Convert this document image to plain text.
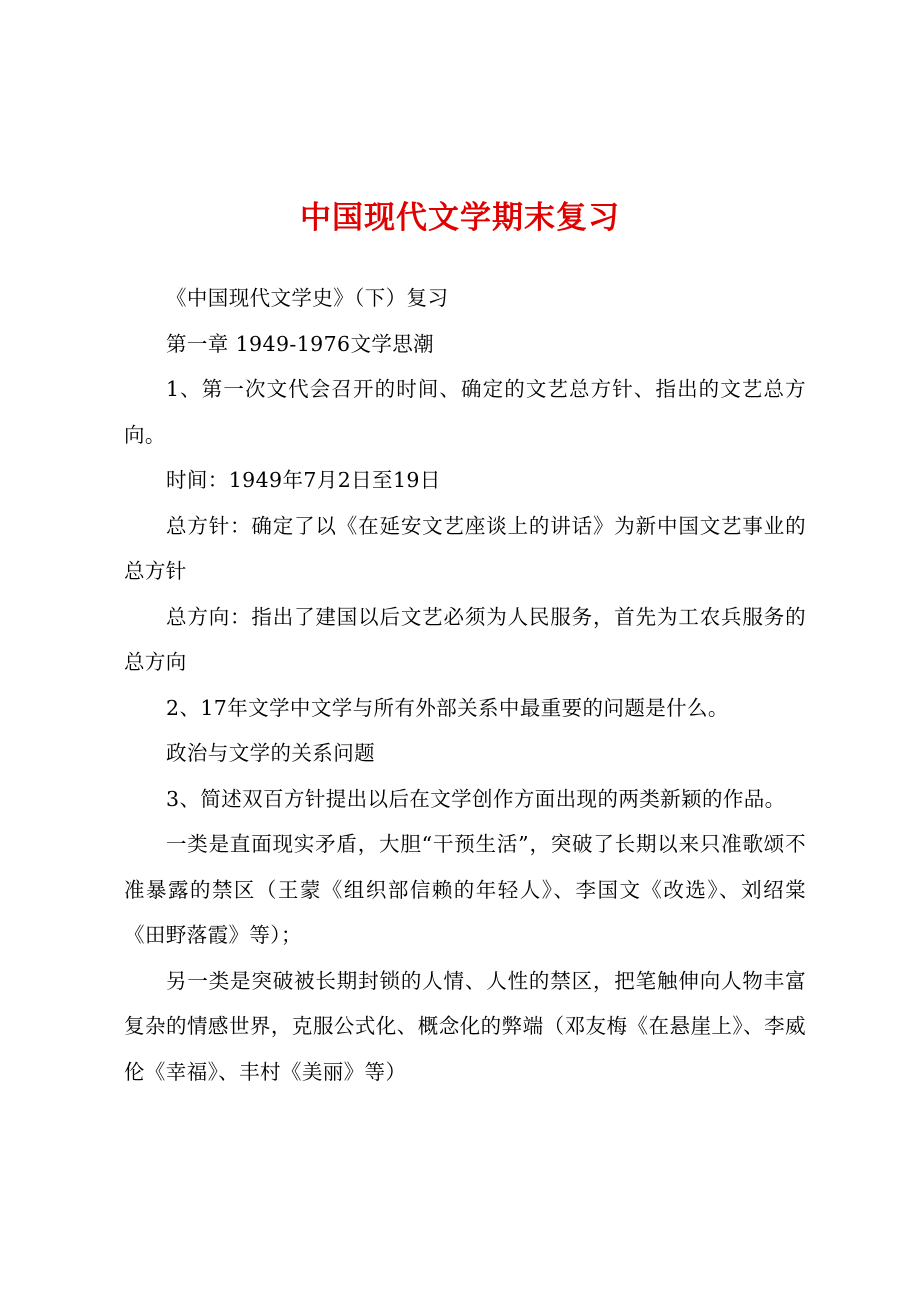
中国现代文学期末复习

《中国现代文学史》（下）复习

第一章 1949-1976文学思潮

1、第一次文代会召开的时间、确定的文艺总方针、指出的文艺总方向。

时间：1949年7月2日至19日

总方针：确定了以《在延安文艺座谈上的讲话》为新中国文艺事业的总方针

总方向：指出了建国以后文艺必须为人民服务，首先为工农兵服务的总方向

2、17年文学中文学与所有外部关系中最重要的问题是什么。

政治与文学的关系问题

3、简述双百方针提出以后在文学创作方面出现的两类新颖的作品。

一类是直面现实矛盾，大胆“干预生活”，突破了长期以来只准歌颂不准暴露的禁区（王蒙《组织部信赖的年轻人》、李国文《改选》、刘绍棠《田野落霞》等）；

另一类是突破被长期封锁的人情、人性的禁区，把笔触伸向人物丰富复杂的情感世界，克服公式化、概念化的弊端（邓友梅《在悬崖上》、李威伦《幸福》、丰村《美丽》等）
